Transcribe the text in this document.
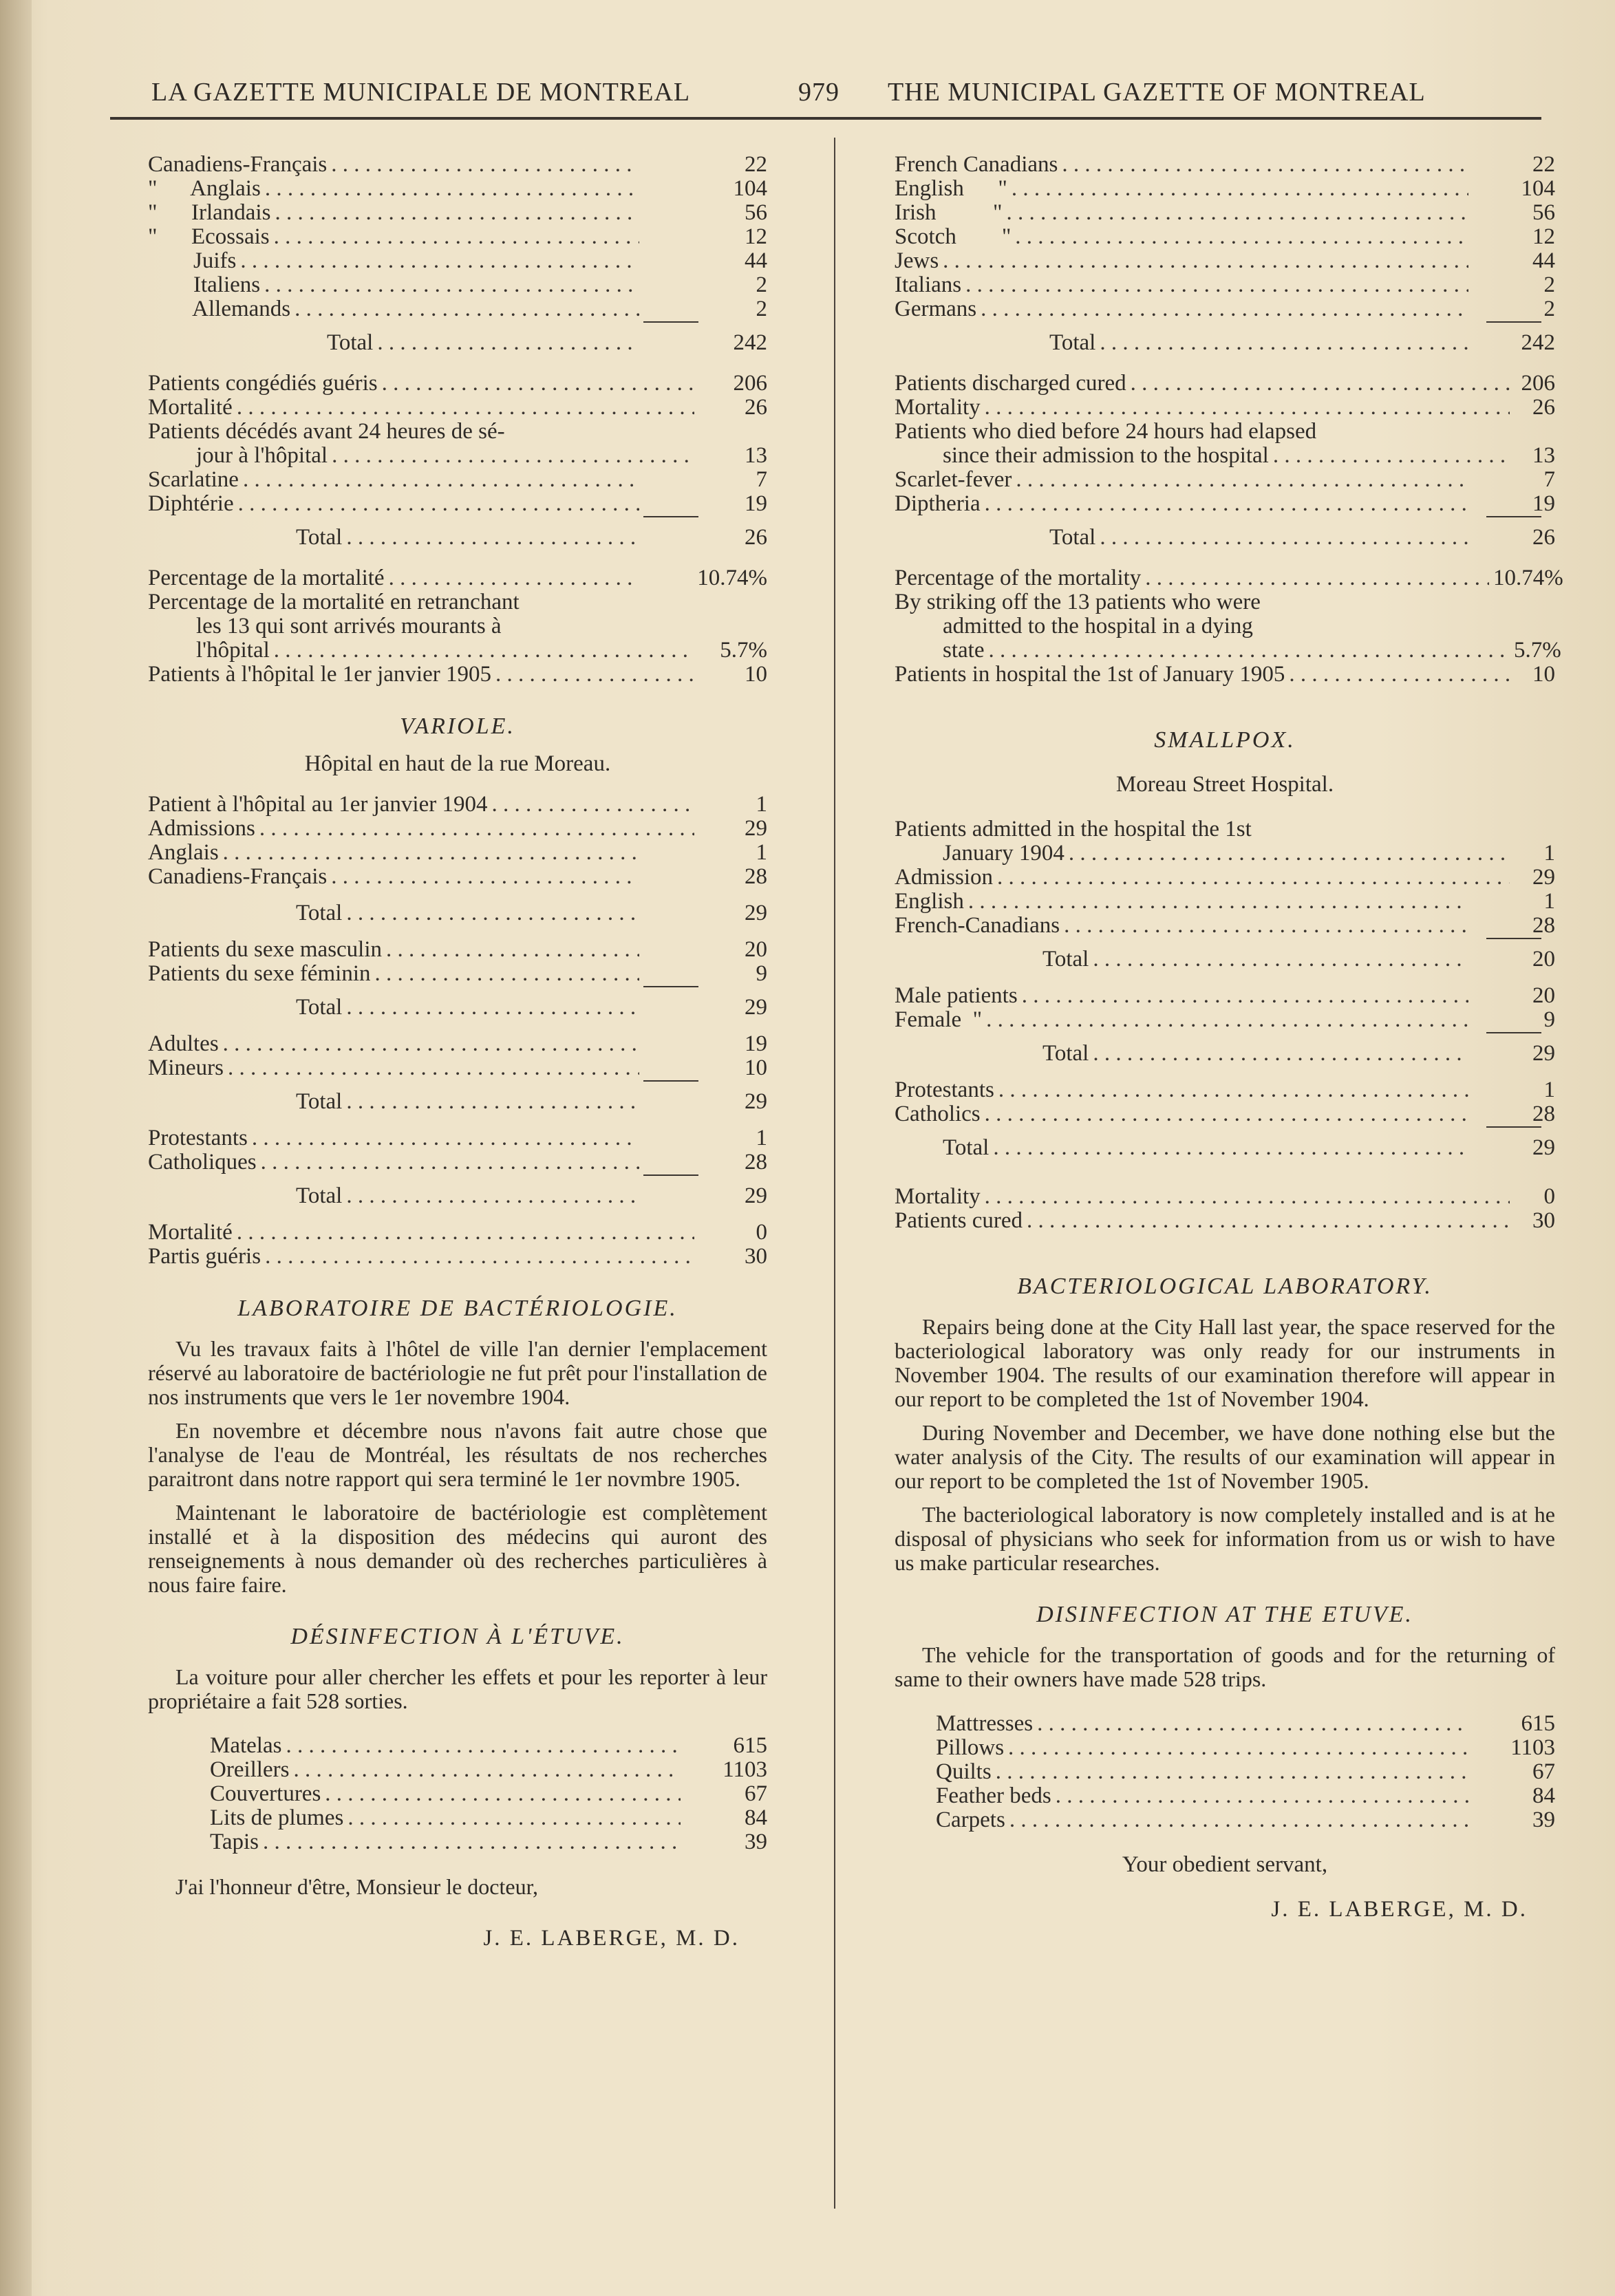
LA GAZETTE MUNICIPALE DE MONTREAL	979 THE MUNICIPAL GAZETTE OF MONTREAL
Canadiens-Français . . .	22
"      Anglais . . .	104
"      Irlandais . . .	56
"      Ecossais . . .	12
Juifs . . .	44
Italiens . . .	2
Allemands . . .	2
Total . . .	242
Patients congédiés guéris . . .	206
Mortalité . . .	26
Patients décédés avant 24 heures de sé-
jour à l'hôpital . . .	13
Scarlatine . . .	7
Diphtérie . . .	19
Total . . .	26
Percentage de la mortalité . . .	10.74%
Percentage de la mortalité en retranchant
les 13 qui sont arrivés mourants à
l'hôpital . . .	5.7%
Patients à l'hôpital le 1er janvier 1905 . . .	10
VARIOLE.
Hôpital en haut de la rue Moreau.
Patient à l'hôpital au 1er janvier 1904 . . .	1
Admissions . . .	29
Anglais . . .	1
Canadiens-Français . . .	28
Total . . .	29
Patients du sexe masculin . . .	20
Patients du sexe féminin . . .	9
Total . . .	29
Adultes . . .	19
Mineurs . . .	10
Total . . .	29
Protestants . . .	1
Catholiques . . .	28
Total . . .	29
Mortalité . . .	0
Partis guéris . . .	30
LABORATOIRE DE BACTÉRIOLOGIE.
Vu les travaux faits à l'hôtel de ville l'an dernier l'emplacement réservé au laboratoire de bactériologie ne fut prêt pour l'installation de nos instruments que vers le 1er novembre 1904.
En novembre et décembre nous n'avons fait autre chose que l'analyse de l'eau de Montréal, les résultats de nos recherches paraitront dans notre rapport qui sera terminé le 1er novmbre 1905.
Maintenant le laboratoire de bactériologie est complètement installé et à la disposition des médecins qui auront des renseignements à nous demander où des recherches particulières à nous faire faire.
DÉSINFECTION À L'ÉTUVE.
La voiture pour aller chercher les effets et pour les reporter à leur propriétaire a fait 528 sorties.
Matelas . . .	615
Oreillers . . .	1103
Couvertures . . .	67
Lits de plumes . . .	84
Tapis . . .	39
J'ai l'honneur d'être, Monsieur le docteur,
J. E. LABERGE, M. D.
French Canadians . . .	22
English      " . . .	104
Irish          " . . .	56
Scotch        " . . .	12
Jews . . .	44
Italians . . .	2
Germans . . .	2
Total . . .	242
Patients discharged cured . . .	206
Mortality . . .	26
Patients who died before 24 hours had elapsed
since their admission to the hospital . . .	13
Scarlet-fever . . .	7
Diptheria . . .	19
Total . . .	26
Percentage of the mortality . . .	10.74%
By striking off the 13 patients who were
admitted to the hospital in a dying
state . . .	5.7%
Patients in hospital the 1st of January 1905 . . .	10
SMALLPOX.
Moreau Street Hospital.
Patients admitted in the hospital the 1st
January 1904 . . .	1
Admission . . .	29
English . . .	1
French-Canadians . . .	28
Total . . .	20
Male patients . . .	20
Female  " . . .	9
Total . . .	29
Protestants . . .	1
Catholics . . .	28
Total . . .	29
Mortality . . .	0
Patients cured . . .	30
BACTERIOLOGICAL LABORATORY.
Repairs being done at the City Hall last year, the space reserved for the bacteriological laboratory was only ready for our instruments in November 1904. The results of our examination therefore will appear in our report to be completed the 1st of November 1904.
During November and December, we have done nothing else but the water analysis of the City. The results of our examination will appear in our report to be completed the 1st of November 1905.
The bacteriological laboratory is now completely installed and is at he disposal of physicians who seek for information from us or wish to have us make particular researches.
DISINFECTION AT THE ETUVE.
The vehicle for the transportation of goods and for the returning of same to their owners have made 528 trips.
Mattresses . . .	615
Pillows . . .	1103
Quilts . . .	67
Feather beds . . .	84
Carpets . . .	39
Your obedient servant,
J. E. LABERGE, M. D.
